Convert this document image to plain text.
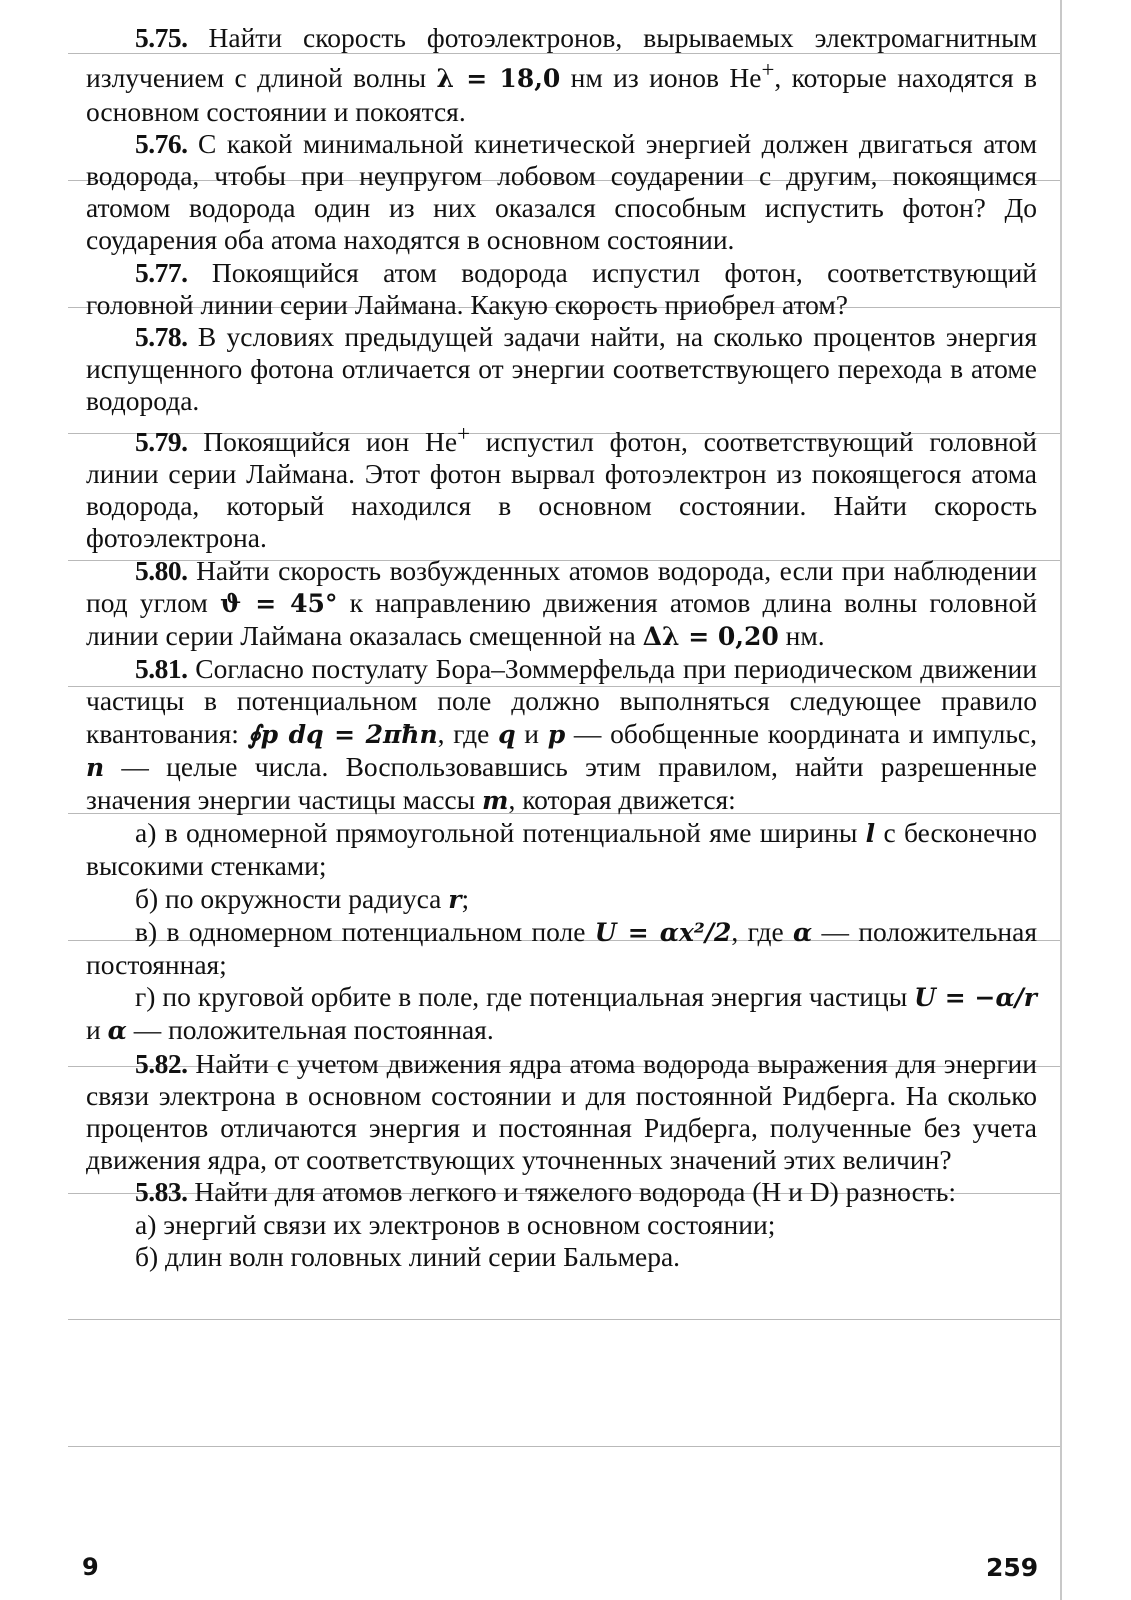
5.75. Найти скорость фотоэлектронов, вырываемых электромагнитным излучением с длиной волны λ = 18,0 нм из ионов He+, которые находятся в основном состоянии и покоятся.

5.76. С какой минимальной кинетической энергией должен двигаться атом водорода, чтобы при неупругом лобовом соударении с другим, покоящимся атомом водорода один из них оказался способным испустить фотон? До соударения оба атома находятся в основном состоянии.

5.77. Покоящийся атом водорода испустил фотон, соответствующий головной линии серии Лаймана. Какую скорость приобрел атом?

5.78. В условиях предыдущей задачи найти, на сколько процентов энергия испущенного фотона отличается от энергии соответствующего перехода в атоме водорода.

5.79. Покоящийся ион He+ испустил фотон, соответствующий головной линии серии Лаймана. Этот фотон вырвал фотоэлектрон из покоящегося атома водорода, который находился в основном состоянии. Найти скорость фотоэлектрона.

5.80. Найти скорость возбужденных атомов водорода, если при наблюдении под углом ϑ = 45° к направлению движения атомов длина волны головной линии серии Лаймана оказалась смещенной на Δλ = 0,20 нм.

5.81. Согласно постулату Бора–Зоммерфельда при периодическом движении частицы в потенциальном поле должно выполняться следующее правило квантования: ∮p dq = 2πħn, где q и p — обобщенные координата и импульс, n — целые числа. Воспользовавшись этим правилом, найти разрешенные значения энергии частицы массы m, которая движется:

а) в одномерной прямоугольной потенциальной яме ширины l с бесконечно высокими стенками;

б) по окружности радиуса r;

в) в одномерном потенциальном поле U = αx²/2, где α — положительная постоянная;

г) по круговой орбите в поле, где потенциальная энергия частицы U = −α/r и α — положительная постоянная.

5.82. Найти с учетом движения ядра атома водорода выражения для энергии связи электрона в основном состоянии и для постоянной Ридберга. На сколько процентов отличаются энергия и постоянная Ридберга, полученные без учета движения ядра, от соответствующих уточненных значений этих величин?

5.83. Найти для атомов легкого и тяжелого водорода (H и D) разность:

а) энергий связи их электронов в основном состоянии;

б) длин волн головных линий серии Бальмера.

9	259
